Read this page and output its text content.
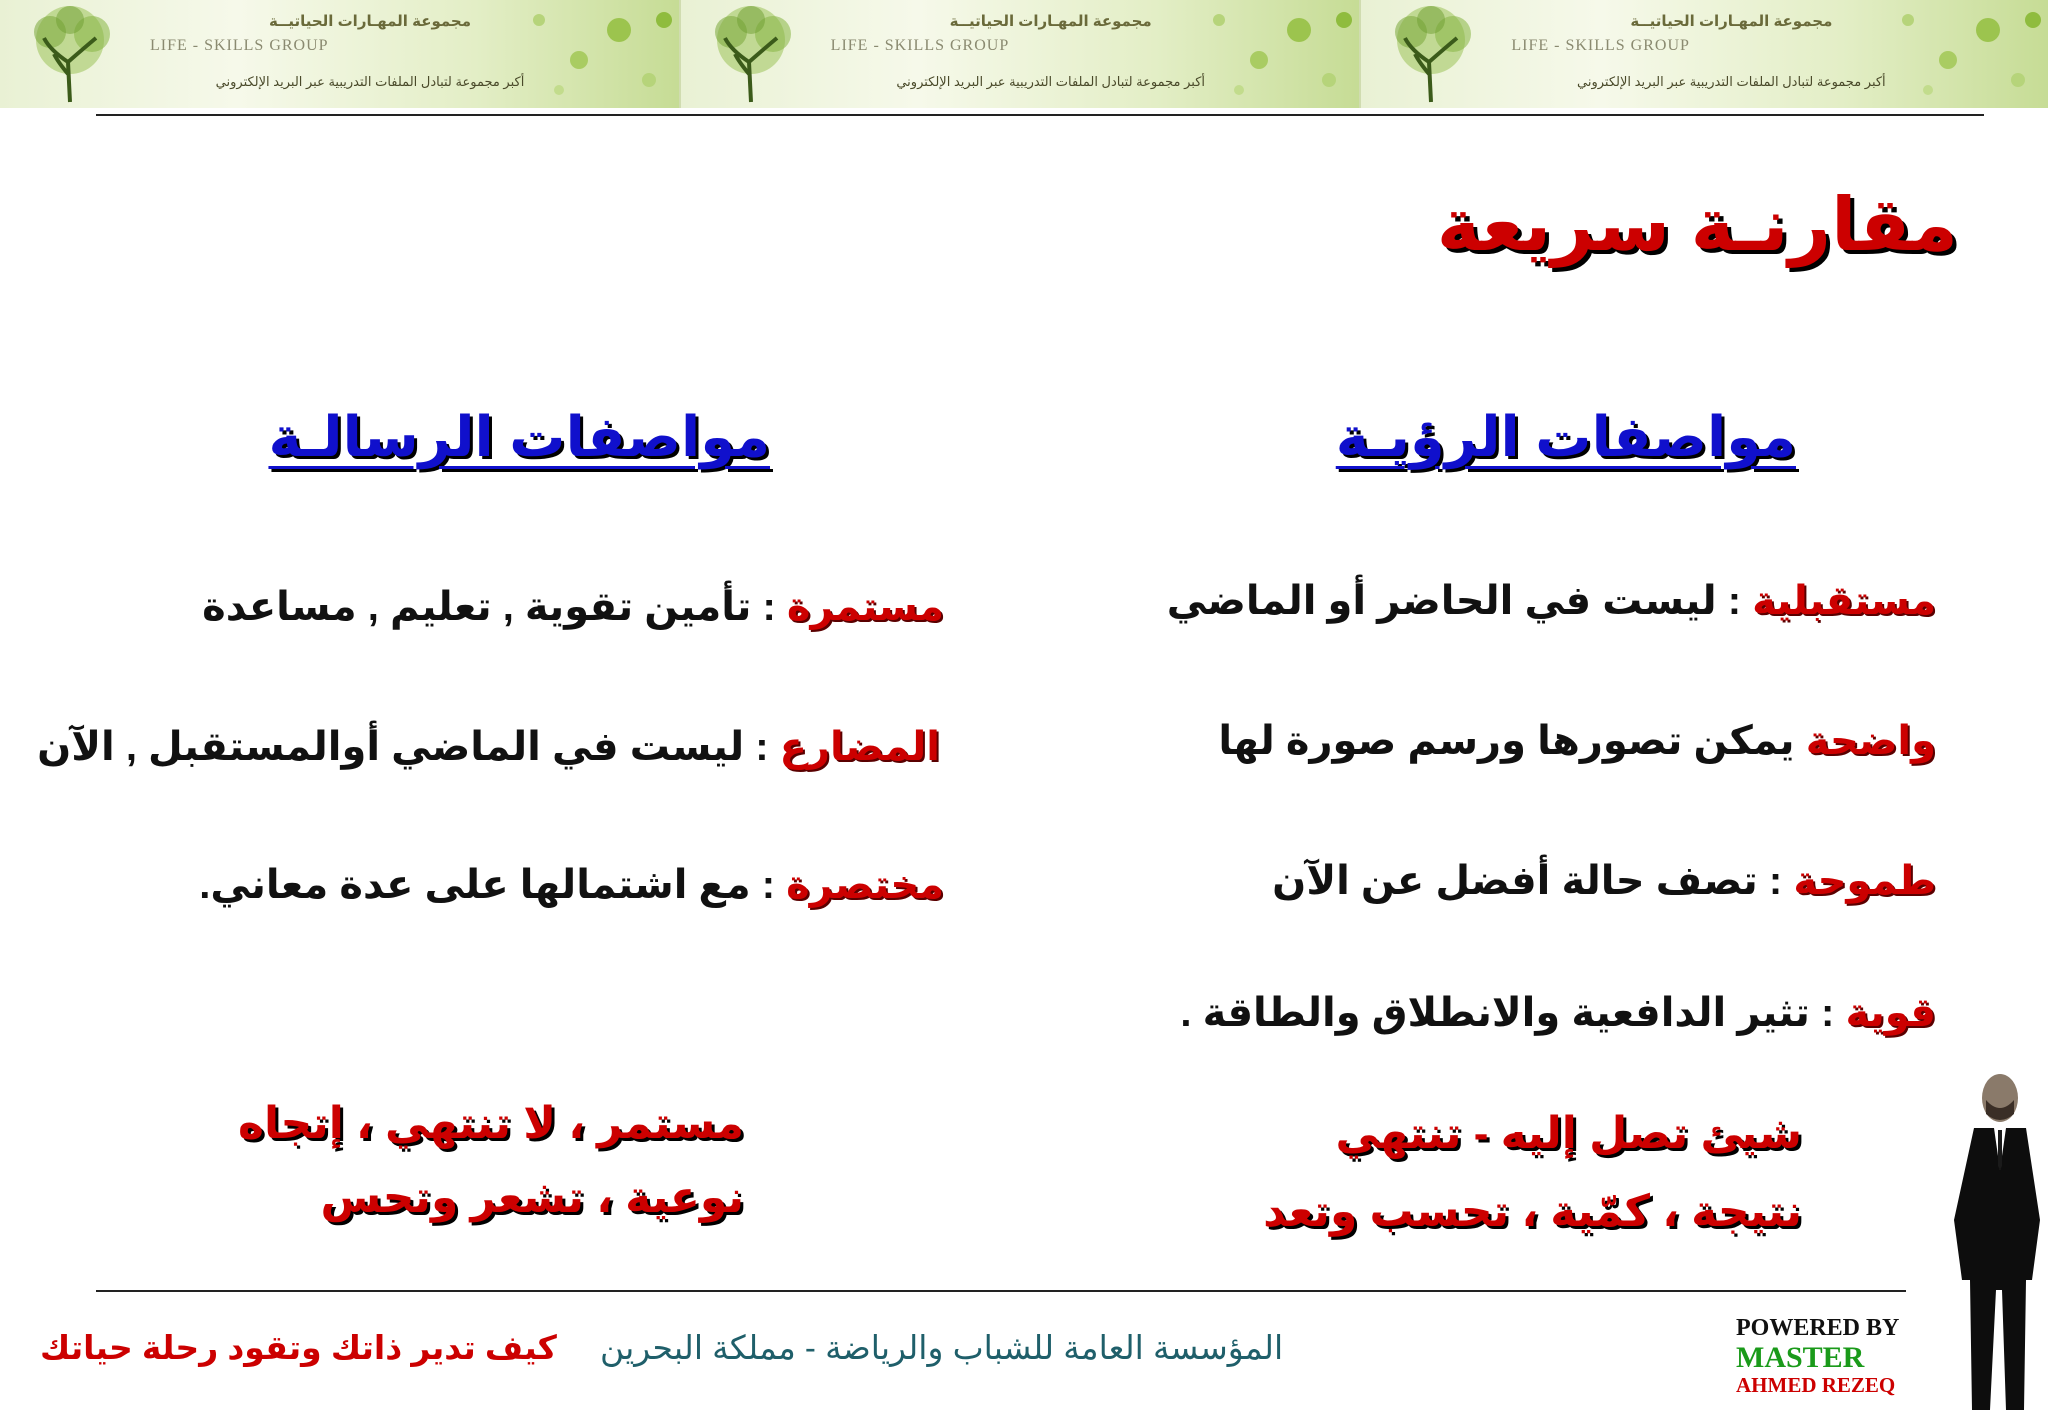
مجموعة المهـارات الحياتيــة
LIFE - SKILLS GROUP
أكبر مجموعة لتبادل الملفات التدريبية عبر البريد الإلكتروني
مجموعة المهـارات الحياتيــة
LIFE - SKILLS GROUP
أكبر مجموعة لتبادل الملفات التدريبية عبر البريد الإلكتروني
مجموعة المهـارات الحياتيــة
LIFE - SKILLS GROUP
أكبر مجموعة لتبادل الملفات التدريبية عبر البريد الإلكتروني
مقارنـة سريعة
مواصفات الرؤيـة
مواصفات الرسالـة
مستقبلية : ليست في الحاضر أو الماضي
واضحة يمكن تصورها ورسم صورة لها
طموحة : تصف حالة أفضل عن الآن
قوية : تثير الدافعية والانطلاق والطاقة .
مستمرة : تأمين تقوية , تعليم , مساعدة
المضارع : ليست في الماضي أوالمستقبل , الآن
مختصرة : مع اشتمالها على عدة معاني.
شيئ تصل إليه - تنتهي
نتيجة ، كمّية ، تحسب وتعد
مستمر ، لا تنتهي ، إتجاه
نوعية ، تشعر وتحس
كيف تدير ذاتك وتقود رحلة حياتك المؤسسة العامة للشباب والرياضة - مملكة البحرين
POWERED BY
MASTER
AHMED REZEQ
